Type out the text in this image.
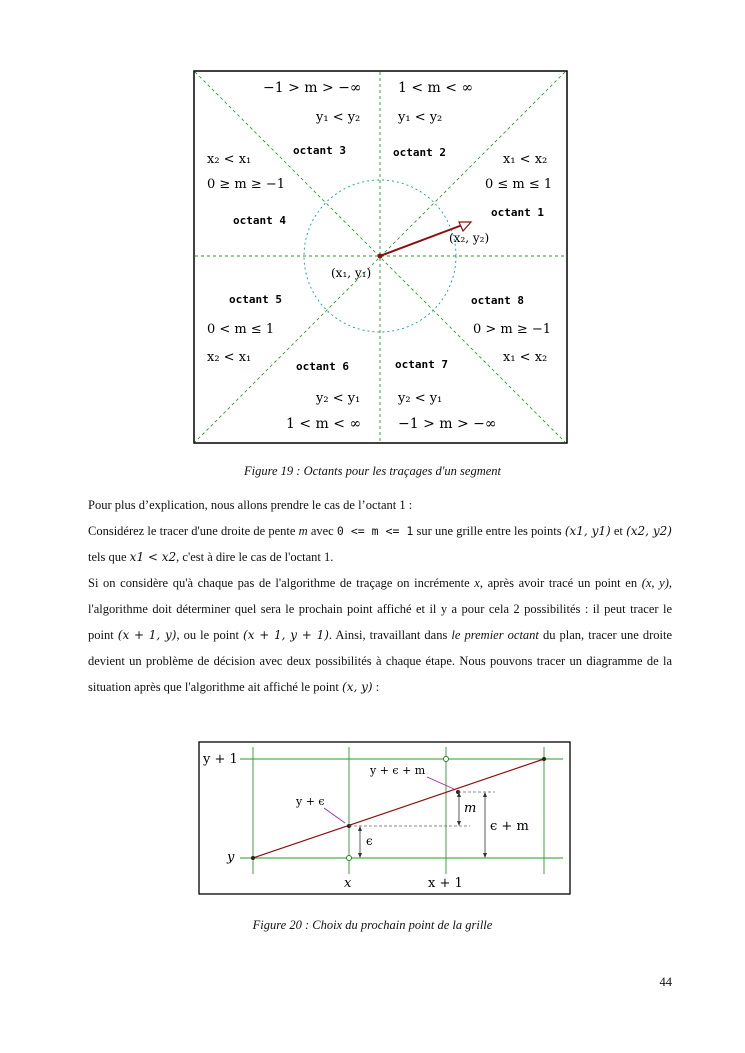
−1 > m > −∞	1 < m < ∞
y₁ < y₂	y₁ < y₂
octant 3	octant 2
x₂ < x₁	x₁ < x₂
0 ≥ m ≥ −1	0 ≤ m ≤ 1
octant 1
octant 4
(x₂, y₂)
(x₁, y₁)
octant 5	octant 8
0 < m ≤ 1	0 > m ≥ −1
x₂ < x₁	x₁ < x₂
octant 6	octant 7
y₂ < y₁	y₂ < y₁
1 < m < ∞	−1 > m > −∞
Figure 19 : Octants pour les traçages d'un segment

Pour plus d’explication, nous allons prendre le cas de l’octant 1 :

Considérez le tracer d'une droite de pente m avec 0 <= m <= 1 sur une grille entre les points (x1, y1) et (x2, y2) tels que x1 < x2, c'est à dire le cas de l'octant 1.

Si on considère qu'à chaque pas de l'algorithme de traçage on incrémente x, après avoir tracé un point en (x, y), l'algorithme doit déterminer quel sera le prochain point affiché et il y a pour cela 2 possibilités : il peut tracer le point (x + 1, y), ou le point (x + 1, y + 1). Ainsi, travaillant dans le premier octant du plan, tracer une droite devient un problème de décision avec deux possibilités à chaque étape. Nous pouvons tracer un diagramme de la situation après que l'algorithme ait affiché le point (x, y) :

y + 1
y
x	x + 1
y + ϵ + m
y + ϵ	m
ϵ + m
ϵ
Figure 20 : Choix du prochain point de la grille
44
